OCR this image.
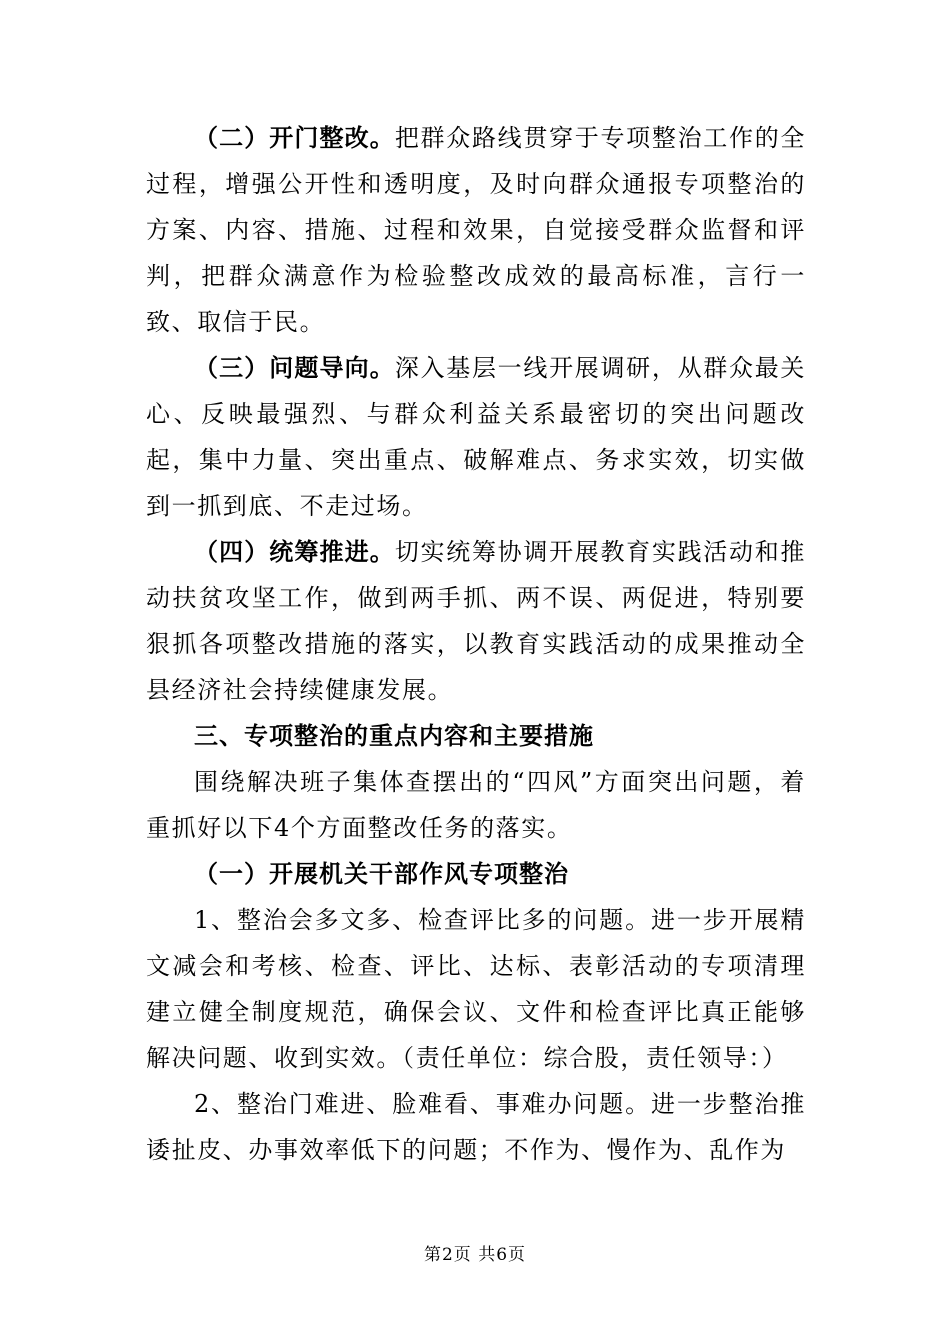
（二）开门整改。把群众路线贯穿于专项整治工作的全过程，增强公开性和透明度，及时向群众通报专项整治的方案、内容、措施、过程和效果，自觉接受群众监督和评判，把群众满意作为检验整改成效的最高标准，言行一致、取信于民。

（三）问题导向。深入基层一线开展调研，从群众最关心、反映最强烈、与群众利益关系最密切的突出问题改起，集中力量、突出重点、破解难点、务求实效，切实做到一抓到底、不走过场。

（四）统筹推进。切实统筹协调开展教育实践活动和推动扶贫攻坚工作，做到两手抓、两不误、两促进，特别要狠抓各项整改措施的落实，以教育实践活动的成果推动全县经济社会持续健康发展。

三、专项整治的重点内容和主要措施

围绕解决班子集体查摆出的“四风”方面突出问题，着重抓好以下4个方面整改任务的落实。

（一）开展机关干部作风专项整治

1、整治会多文多、检查评比多的问题。进一步开展精文减会和考核、检查、评比、达标、表彰活动的专项清理建立健全制度规范，确保会议、文件和检查评比真正能够解决问题、收到实效。（责任单位：综合股，责任领导：）

2、整治门难进、脸难看、事难办问题。进一步整治推诿扯皮、办事效率低下的问题；不作为、慢作为、乱作为

第2页 共6页
